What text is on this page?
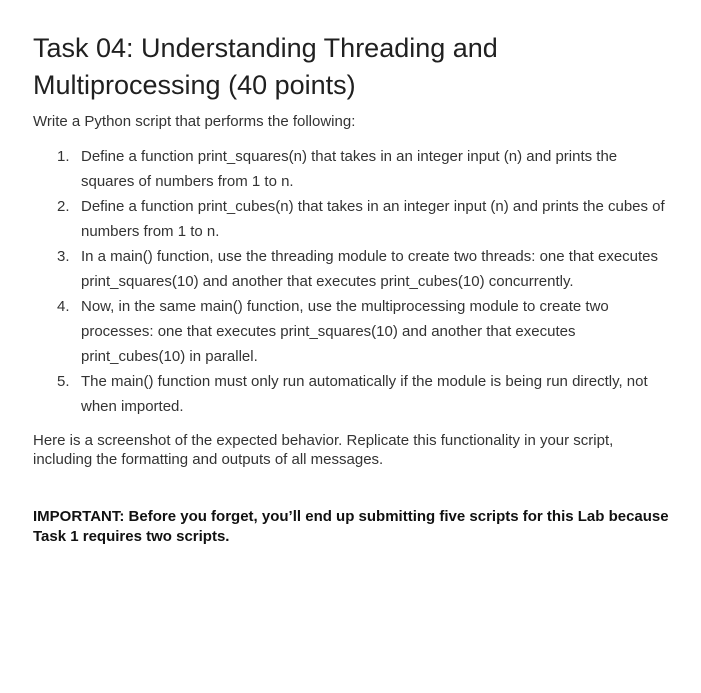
Task 04: Understanding Threading and Multiprocessing (40 points)

Write a Python script that performs the following:

1. Define a function print_squares(n) that takes in an integer input (n) and prints the squares of numbers from 1 to n.
2. Define a function print_cubes(n) that takes in an integer input (n) and prints the cubes of numbers from 1 to n.
3. In a main() function, use the threading module to create two threads: one that executes print_squares(10) and another that executes print_cubes(10) concurrently.
4. Now, in the same main() function, use the multiprocessing module to create two processes: one that executes print_squares(10) and another that executes print_cubes(10) in parallel.
5. The main() function must only run automatically if the module is being run directly, not when imported.

Here is a screenshot of the expected behavior. Replicate this functionality in your script, including the formatting and outputs of all messages.

IMPORTANT: Before you forget, you’ll end up submitting five scripts for this Lab because Task 1 requires two scripts.
